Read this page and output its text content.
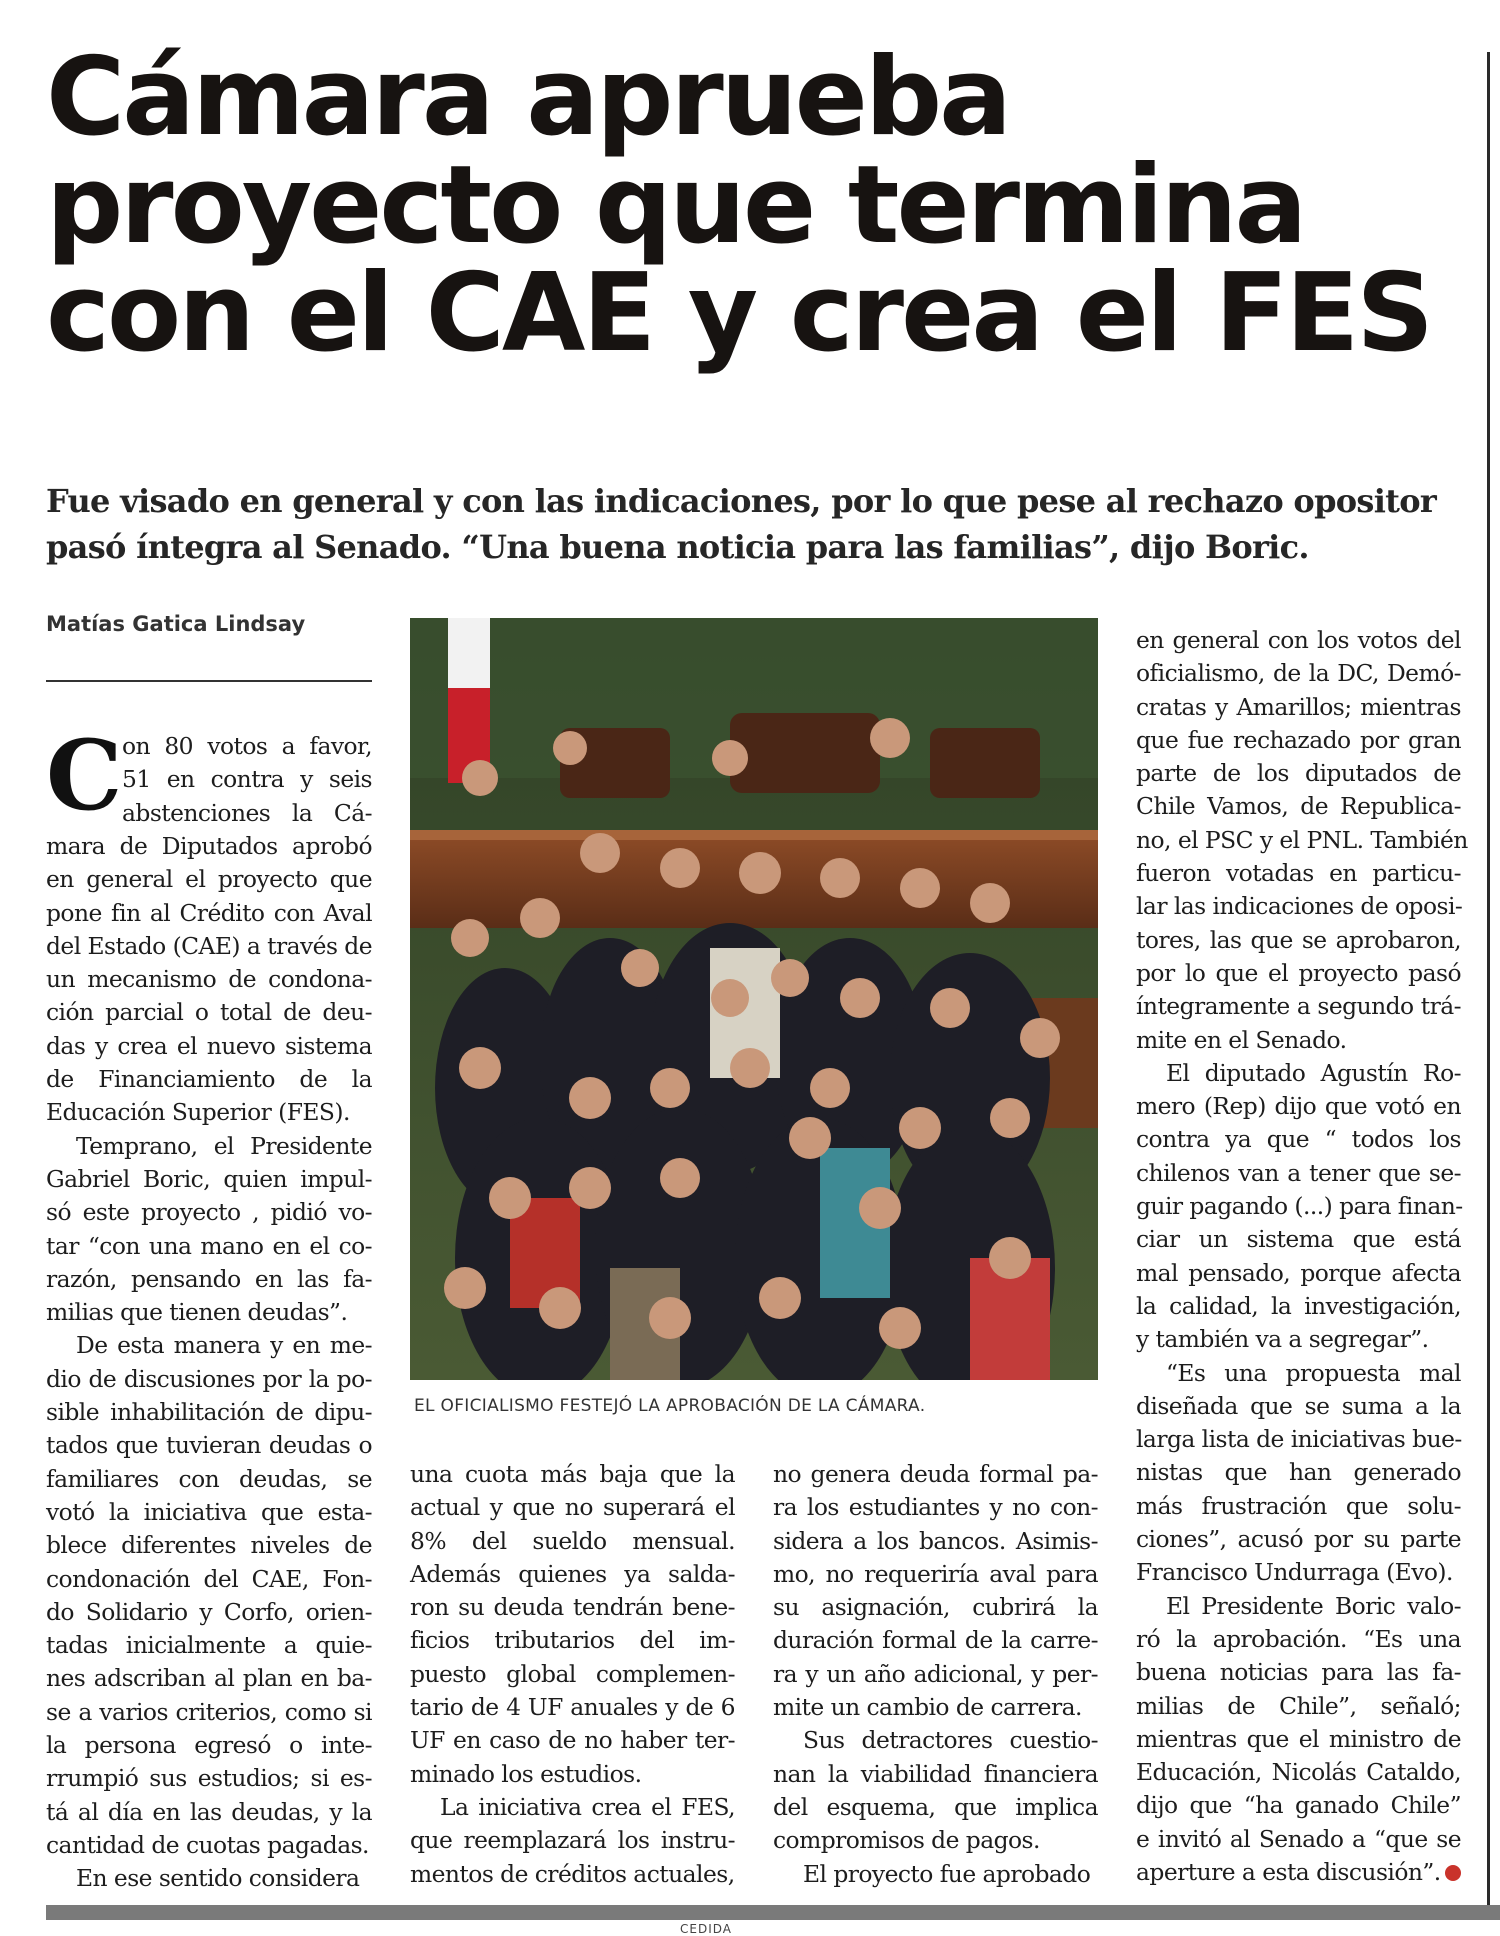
Cámara aprueba
proyecto que termina
con el CAE y crea el FES
Fue visado en general y con las indicaciones, por lo que pese al rechazo opositor
pasó íntegra al Senado. “Una buena noticia para las familias”, dijo Boric.
Matías Gatica Lindsay
C on 80 votos a favor,
51 en contra y seis
abstenciones la Cá-
mara de Diputados aprobó
en general el proyecto que
pone fin al Crédito con Aval
del Estado (CAE) a través de
un mecanismo de condona-
ción parcial o total de deu-
das y crea el nuevo sistema
de Financiamiento de la
Educación Superior (FES).
Temprano, el Presidente
Gabriel Boric, quien impul-
só este proyecto , pidió vo-
tar “con una mano en el co-
razón, pensando en las fa-
milias que tienen deudas”.
De esta manera y en me-
dio de discusiones por la po-
sible inhabilitación de dipu-
tados que tuvieran deudas o
familiares con deudas, se
votó la iniciativa que esta-
blece diferentes niveles de
condonación del CAE, Fon-
do Solidario y Corfo, orien-
tadas inicialmente a quie-
nes adscriban al plan en ba-
se a varios criterios, como si
la persona egresó o inte-
rrumpió sus estudios; si es-
tá al día en las deudas, y la
cantidad de cuotas pagadas.
En ese sentido considera
una cuota más baja que la
actual y que no superará el
8% del sueldo mensual.
Además quienes ya salda-
ron su deuda tendrán bene-
ficios tributarios del im-
puesto global complemen-
tario de 4 UF anuales y de 6
UF en caso de no haber ter-
minado los estudios.
La iniciativa crea el FES,
que reemplazará los instru-
mentos de créditos actuales,
no genera deuda formal pa-
ra los estudiantes y no con-
sidera a los bancos. Asimis-
mo, no requeriría aval para
su asignación, cubrirá la
duración formal de la carre-
ra y un año adicional, y per-
mite un cambio de carrera.
Sus detractores cuestio-
nan la viabilidad financiera
del esquema, que implica
compromisos de pagos.
El proyecto fue aprobado
en general con los votos del
oficialismo, de la DC, Demó-
cratas y Amarillos; mientras
que fue rechazado por gran
parte de los diputados de
Chile Vamos, de Republica-
no, el PSC y el PNL. También
fueron votadas en particu-
lar las indicaciones de oposi-
tores, las que se aprobaron,
por lo que el proyecto pasó
íntegramente a segundo trá-
mite en el Senado.
El diputado Agustín Ro-
mero (Rep) dijo que votó en
contra ya que “ todos los
chilenos van a tener que se-
guir pagando (...) para finan-
ciar un sistema que está
mal pensado, porque afecta
la calidad, la investigación,
y también va a segregar”.
“Es una propuesta mal
diseñada que se suma a la
larga lista de iniciativas bue-
nistas que han generado
más frustración que solu-
ciones”, acusó por su parte
Francisco Undurraga (Evo).
El Presidente Boric valo-
ró la aprobación. “Es una
buena noticias para las fa-
milias de Chile”, señaló;
mientras que el ministro de
Educación, Nicolás Cataldo,
dijo que “ha ganado Chile”
e invitó al Senado a “que se
aperture a esta discusión”.
EL OFICIALISMO FESTEJÓ LA APROBACIÓN DE LA CÁMARA.
CEDIDA
